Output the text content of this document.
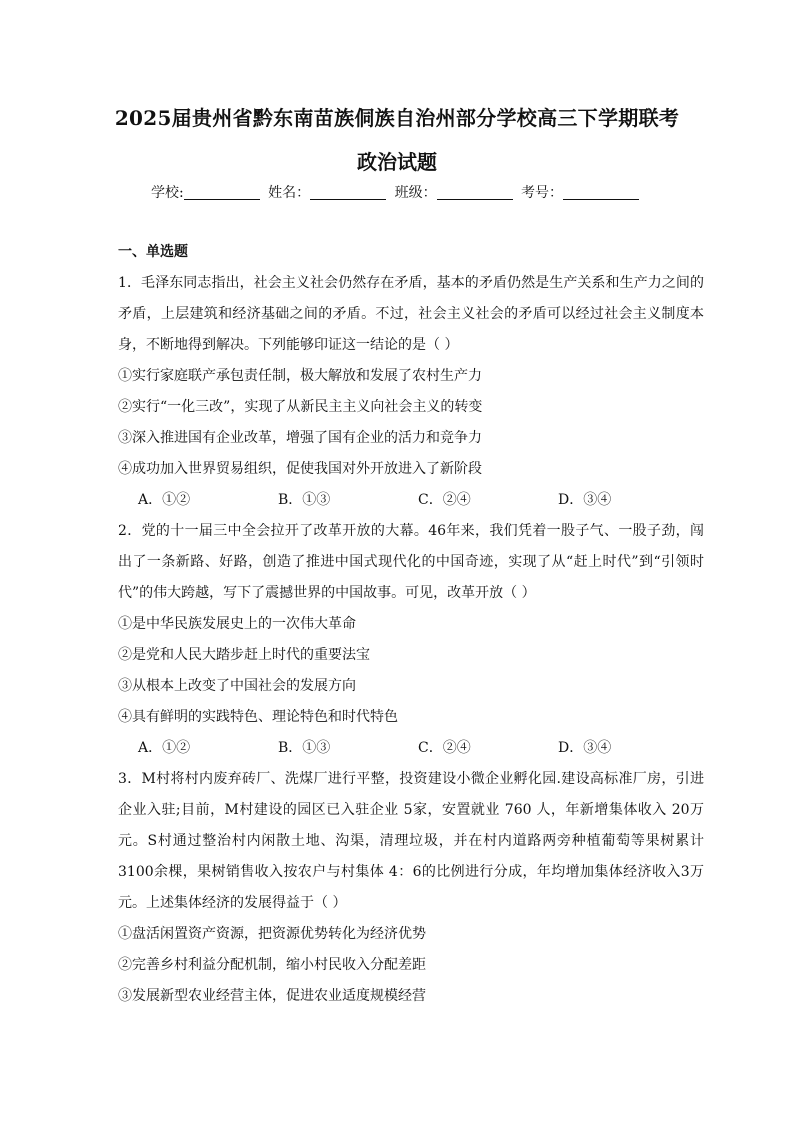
2025届贵州省黔东南苗族侗族自治州部分学校高三下学期联考
政治试题
学校:	姓名：	班级：	考号：

一、单选题

1．毛泽东同志指出，社会主义社会仍然存在矛盾，基本的矛盾仍然是生产关系和生产力之间的矛盾，上层建筑和经济基础之间的矛盾。不过，社会主义社会的矛盾可以经过社会主义制度本身，不断地得到解决。下列能够印证这一结论的是（ ）

①实行家庭联产承包责任制，极大解放和发展了农村生产力

②实行“一化三改”，实现了从新民主主义向社会主义的转变

③深入推进国有企业改革，增强了国有企业的活力和竞争力

④成功加入世界贸易组织，促使我国对外开放进入了新阶段

A．①②	B．①③	C．②④	D．③④

2．党的十一届三中全会拉开了改革开放的大幕。46年来，我们凭着一股子气、一股子劲，闯出了一条新路、好路，创造了推进中国式现代化的中国奇迹，实现了从“赶上时代”到“引领时代”的伟大跨越，写下了震撼世界的中国故事。可见，改革开放（ ）

①是中华民族发展史上的一次伟大革命

②是党和人民大踏步赶上时代的重要法宝

③从根本上改变了中国社会的发展方向

④具有鲜明的实践特色、理论特色和时代特色

A．①②	B．①③	C．②④	D．③④

3．M村将村内废弃砖厂、洗煤厂进行平整，投资建设小微企业孵化园.建设高标准厂房，引进企业入驻;目前，M村建设的园区已入驻企业 5家，安置就业 760 人，年新增集体收入 20万元。S村通过整治村内闲散土地、沟渠，清理垃圾，并在村内道路两旁种植葡萄等果树累计 3100余棵，果树销售收入按农户与村集体 4：6的比例进行分成，年均增加集体经济收入3万元。上述集体经济的发展得益于（ ）

①盘活闲置资产资源，把资源优势转化为经济优势

②完善乡村利益分配机制，缩小村民收入分配差距

③发展新型农业经营主体，促进农业适度规模经营
